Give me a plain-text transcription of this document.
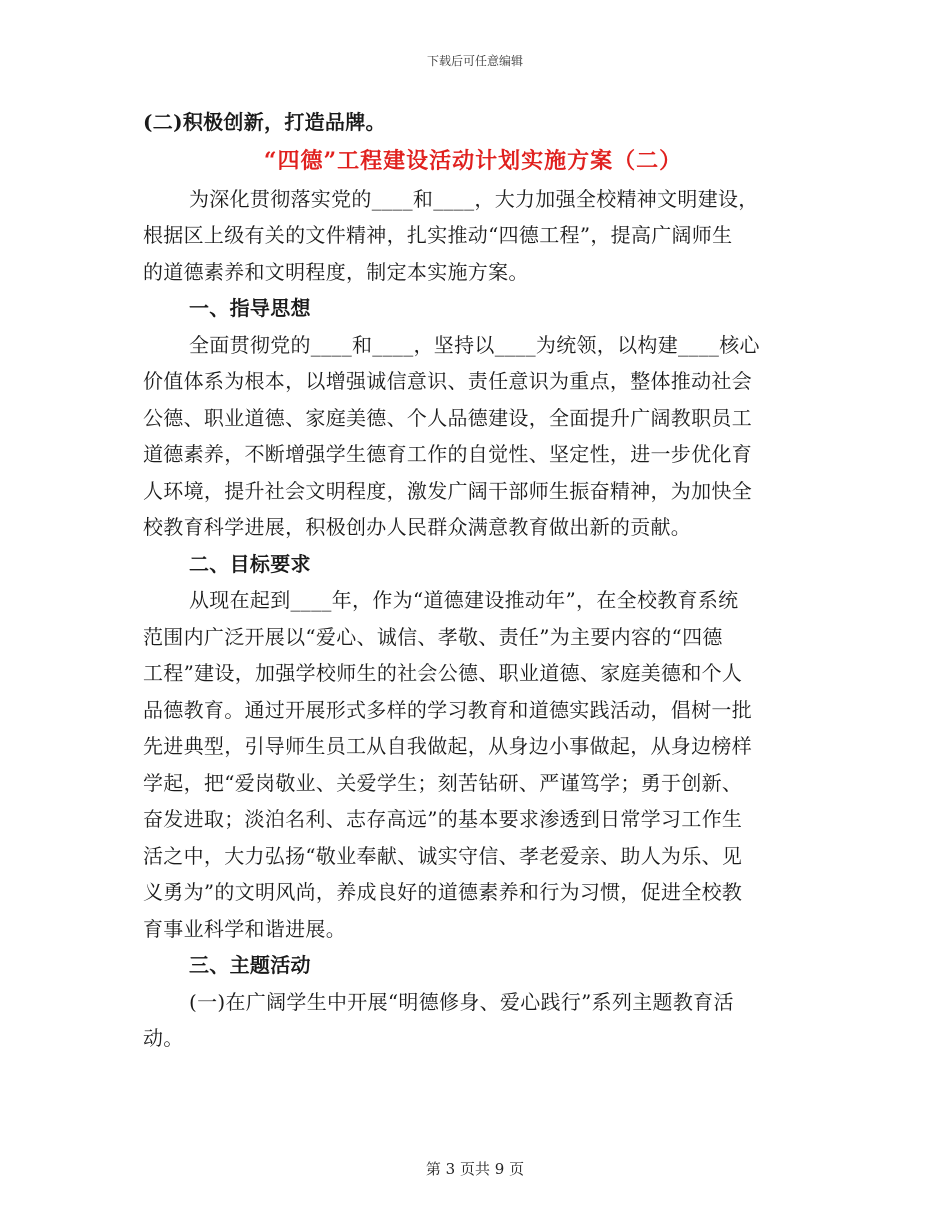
下载后可任意编辑
(二)积极创新，打造品牌。
“四德”工程建设活动计划实施方案（二）
为深化贯彻落实党的____和____，大力加强全校精神文明建设，
根据区上级有关的文件精神，扎实推动“四德工程”，提高广阔师生
的道德素养和文明程度，制定本实施方案。
一、指导思想
全面贯彻党的____和____，坚持以____为统领，以构建____核心
价值体系为根本，以增强诚信意识、责任意识为重点，整体推动社会
公德、职业道德、家庭美德、个人品德建设，全面提升广阔教职员工
道德素养，不断增强学生德育工作的自觉性、坚定性，进一步优化育
人环境，提升社会文明程度，激发广阔干部师生振奋精神，为加快全
校教育科学进展，积极创办人民群众满意教育做出新的贡献。
二、目标要求
从现在起到____年，作为“道德建设推动年”，在全校教育系统
范围内广泛开展以“爱心、诚信、孝敬、责任”为主要内容的“四德
工程”建设，加强学校师生的社会公德、职业道德、家庭美德和个人
品德教育。通过开展形式多样的学习教育和道德实践活动，倡树一批
先进典型，引导师生员工从自我做起，从身边小事做起，从身边榜样
学起，把“爱岗敬业、关爱学生；刻苦钻研、严谨笃学；勇于创新、
奋发进取；淡泊名利、志存高远”的基本要求渗透到日常学习工作生
活之中，大力弘扬“敬业奉献、诚实守信、孝老爱亲、助人为乐、见
义勇为”的文明风尚，养成良好的道德素养和行为习惯，促进全校教
育事业科学和谐进展。
三、主题活动
(一)在广阔学生中开展“明德修身、爱心践行”系列主题教育活
动。
第 3 页共 9 页
